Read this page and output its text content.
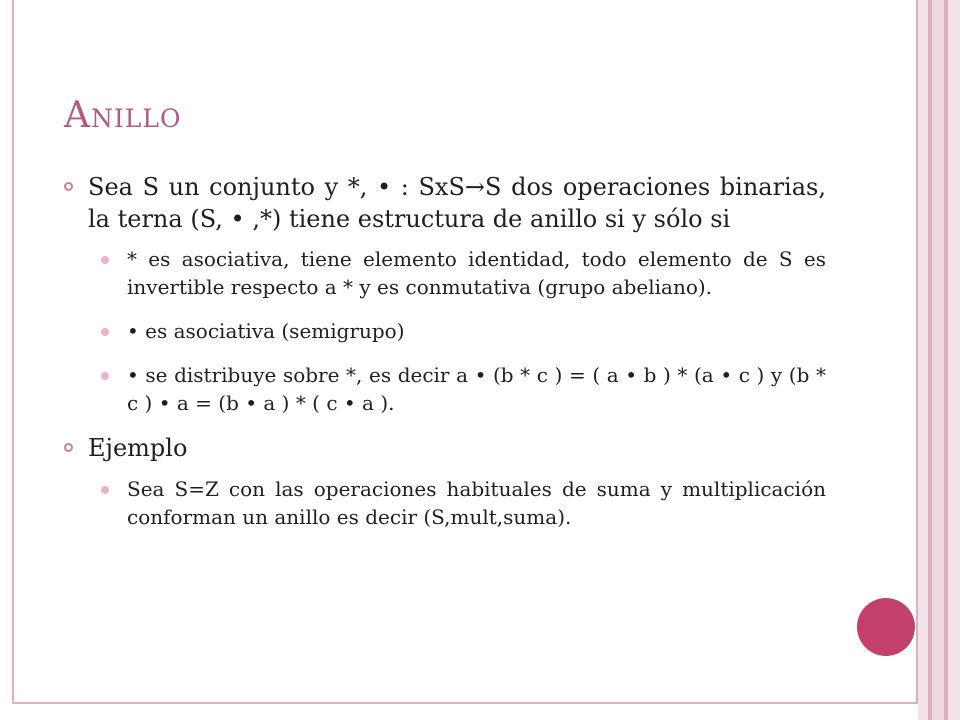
Anillo
Sea S un conjunto y *, • : SxS→S dos operaciones binarias, la terna (S, • ,*) tiene estructura de anillo si y sólo si
* es asociativa, tiene elemento identidad, todo elemento de S es invertible respecto a * y es conmutativa (grupo abeliano).
• es asociativa (semigrupo)
• se distribuye sobre *, es decir a • (b * c ) = ( a • b ) * (a • c ) y (b * c ) • a = (b • a ) * ( c • a ).
Ejemplo
Sea S=Z con las operaciones habituales de suma y multiplicación conforman un anillo es decir (S,mult,suma).
